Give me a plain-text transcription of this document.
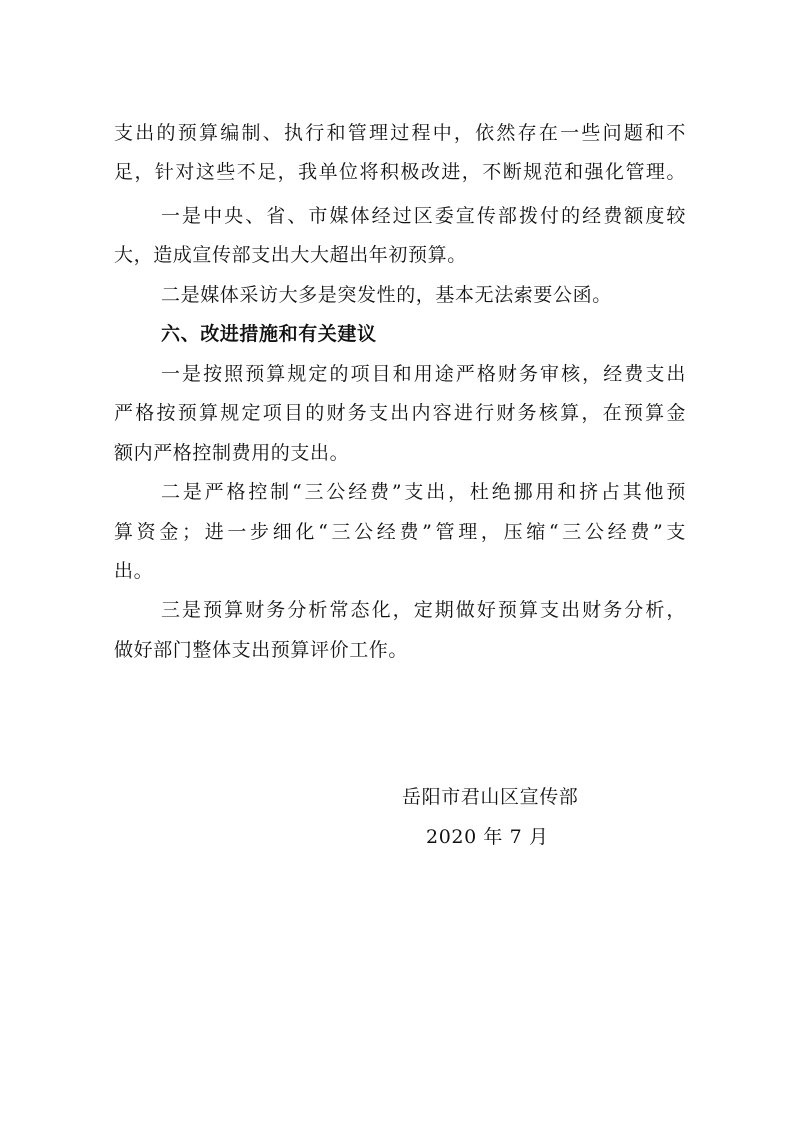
支出的预算编制、执行和管理过程中，依然存在一些问题和不
足，针对这些不足，我单位将积极改进，不断规范和强化管理。
一是中央、省、市媒体经过区委宣传部拨付的经费额度较
大，造成宣传部支出大大超出年初预算。
二是媒体采访大多是突发性的，基本无法索要公函。
六、改进措施和有关建议
一是按照预算规定的项目和用途严格财务审核，经费支出
严格按预算规定项目的财务支出内容进行财务核算，在预算金
额内严格控制费用的支出。
二是严格控制“三公经费”支出，杜绝挪用和挤占其他预
算资金；进一步细化“三公经费”管理，压缩“三公经费”支
出。
三是预算财务分析常态化，定期做好预算支出财务分析，
做好部门整体支出预算评价工作。
岳阳市君山区宣传部
2020 年 7 月
